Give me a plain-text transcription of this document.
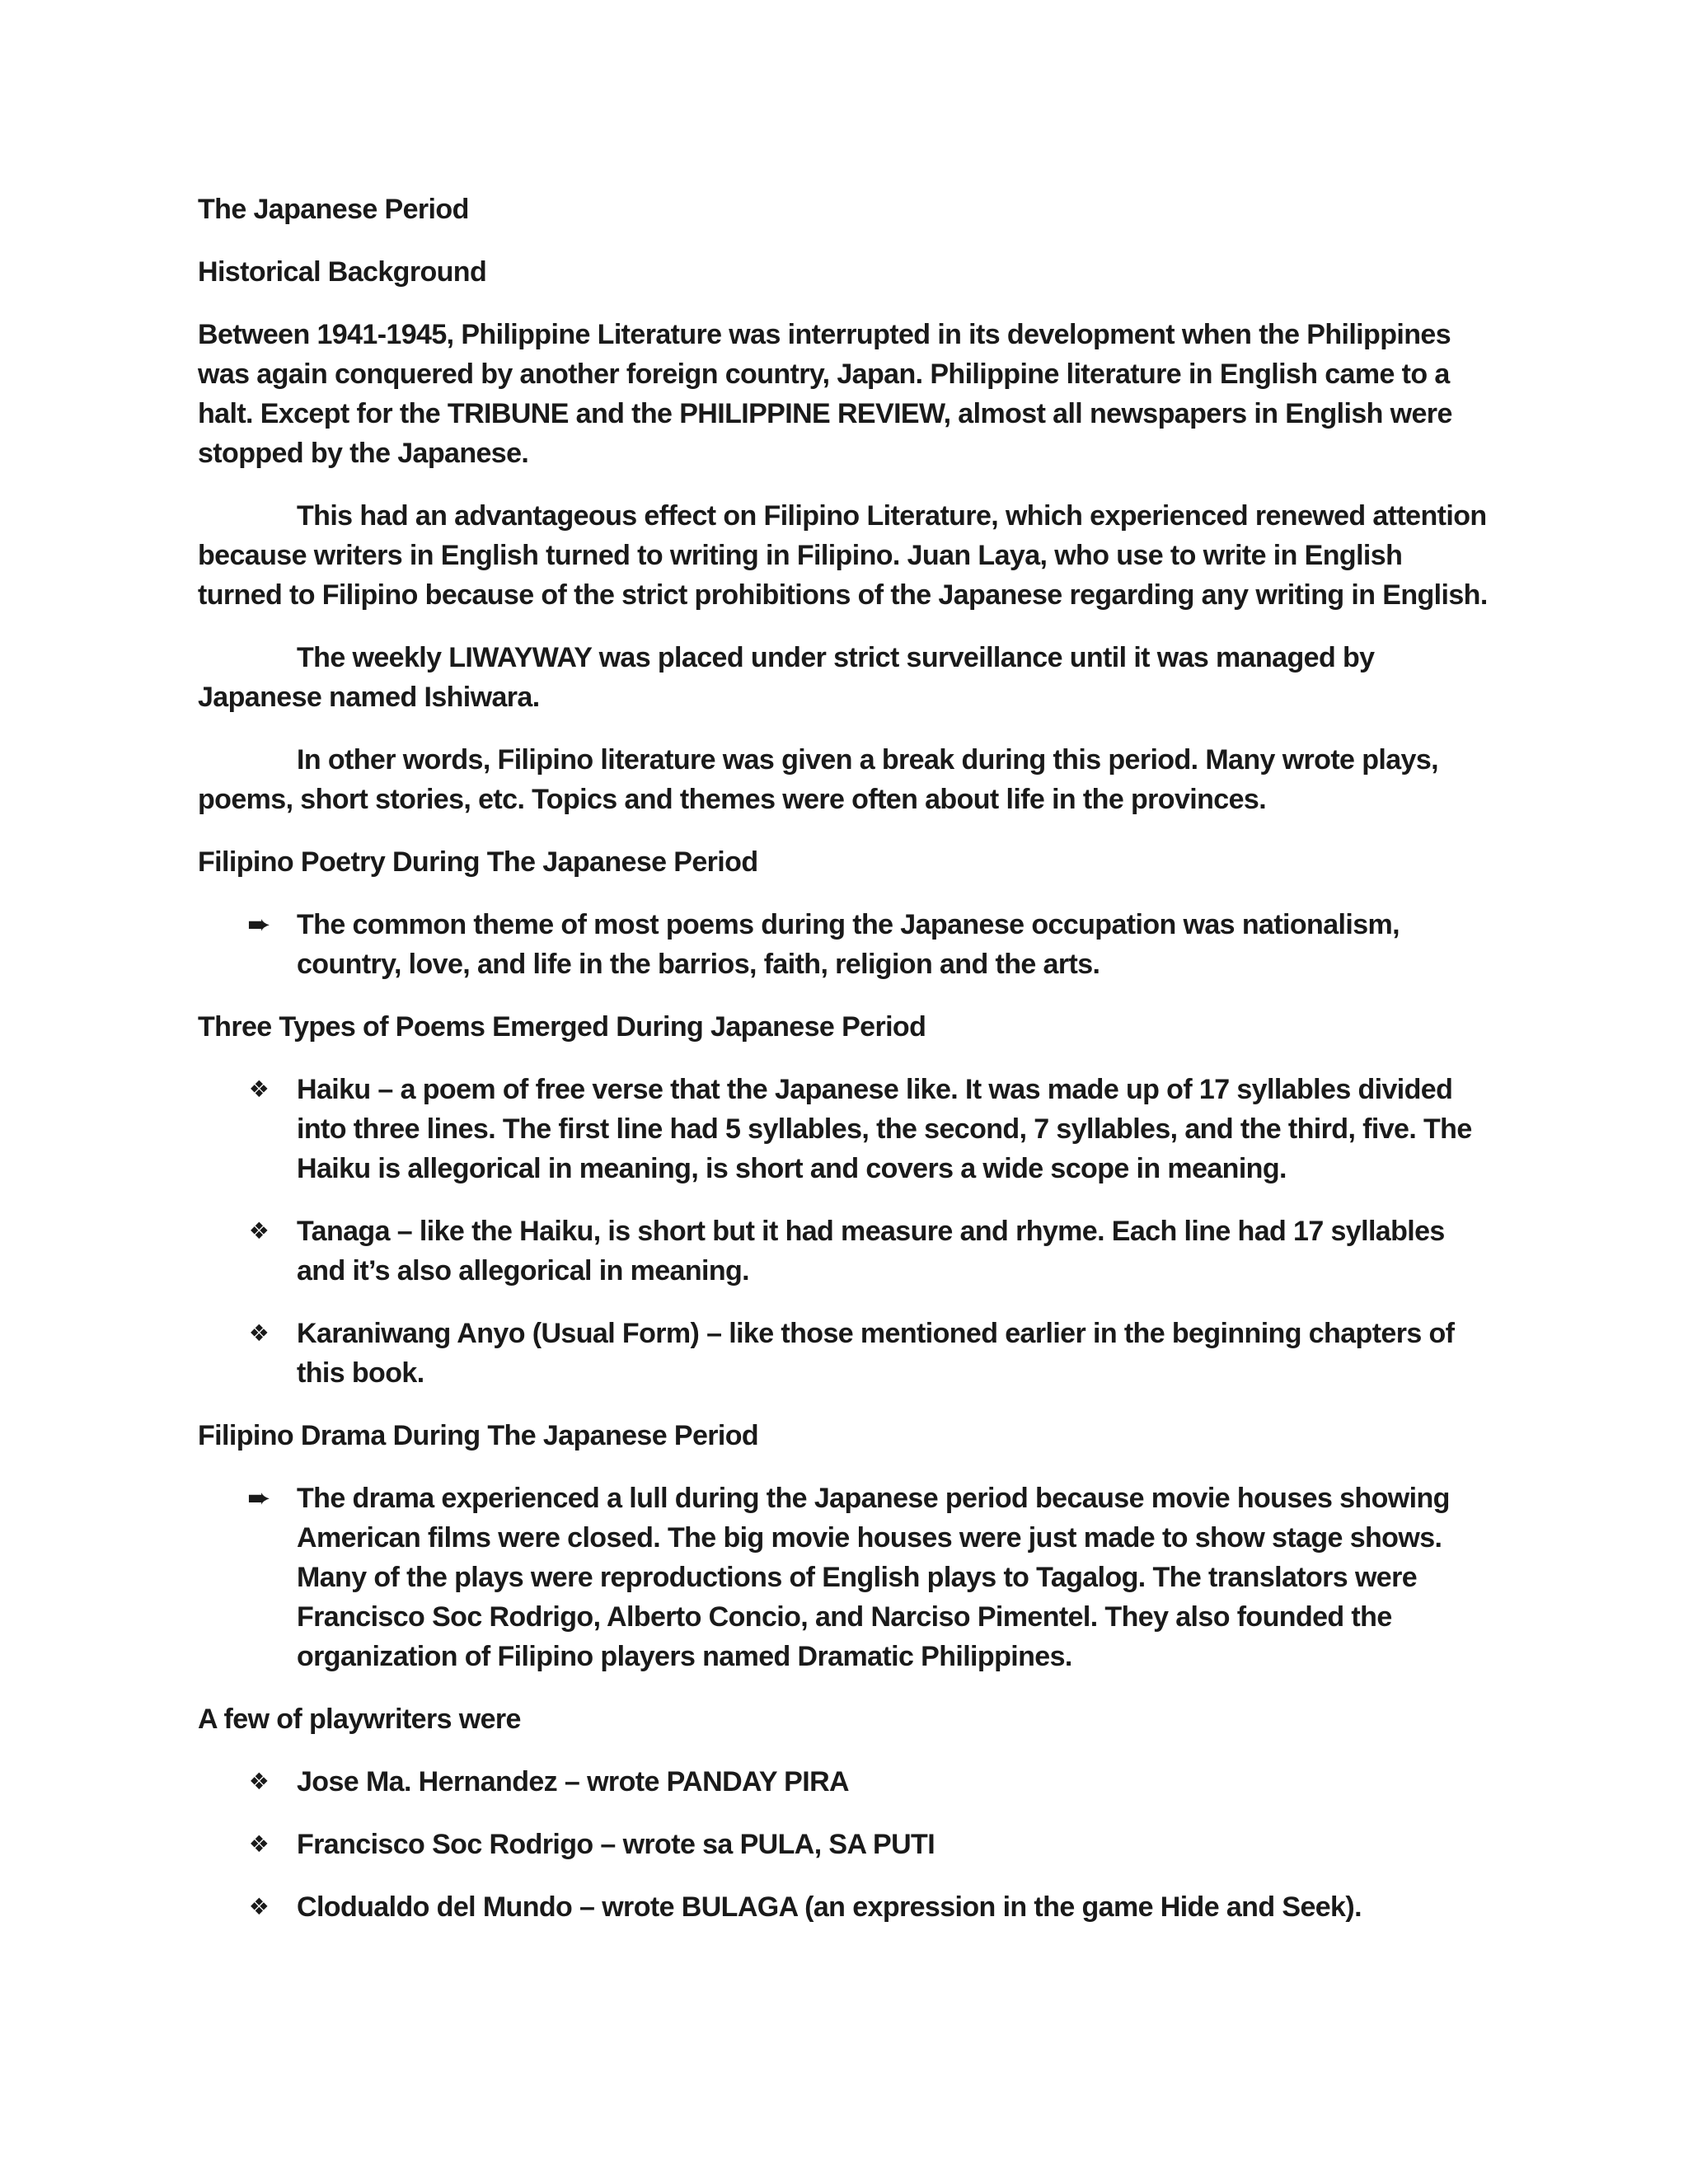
The Japanese Period
Historical Background

Between 1941-1945, Philippine Literature was interrupted in its development when the Philippines was again conquered by another foreign country, Japan. Philippine literature in English came to a halt. Except for the TRIBUNE and the PHILIPPINE REVIEW, almost all newspapers in English were stopped by the Japanese.

This had an advantageous effect on Filipino Literature, which experienced renewed attention because writers in English turned to writing in Filipino. Juan Laya, who use to write in English turned to Filipino because of the strict prohibitions of the Japanese regarding any writing in English.

The weekly LIWAYWAY was placed under strict surveillance until it was managed by Japanese named Ishiwara.

In other words, Filipino literature was given a break during this period. Many wrote plays, poems, short stories, etc. Topics and themes were often about life in the provinces.

Filipino Poetry During The Japanese Period
➨ The common theme of most poems during the Japanese occupation was nationalism, country, love, and life in the barrios, faith, religion and the arts.
Three Types of Poems Emerged During Japanese Period
❖ Haiku – a poem of free verse that the Japanese like. It was made up of 17 syllables divided into three lines. The first line had 5 syllables, the second, 7 syllables, and the third, five. The Haiku is allegorical in meaning, is short and covers a wide scope in meaning.
❖ Tanaga – like the Haiku, is short but it had measure and rhyme. Each line had 17 syllables and it’s also allegorical in meaning.
❖ Karaniwang Anyo (Usual Form) – like those mentioned earlier in the beginning chapters of this book.
Filipino Drama During The Japanese Period
➨ The drama experienced a lull during the Japanese period because movie houses showing American films were closed. The big movie houses were just made to show stage shows. Many of the plays were reproductions of English plays to Tagalog. The translators were Francisco Soc Rodrigo, Alberto Concio, and Narciso Pimentel. They also founded the organization of Filipino players named Dramatic Philippines.
A few of playwriters were
❖ Jose Ma. Hernandez – wrote PANDAY PIRA
❖ Francisco Soc Rodrigo – wrote sa PULA, SA PUTI
❖ Clodualdo del Mundo – wrote BULAGA (an expression in the game Hide and Seek).
